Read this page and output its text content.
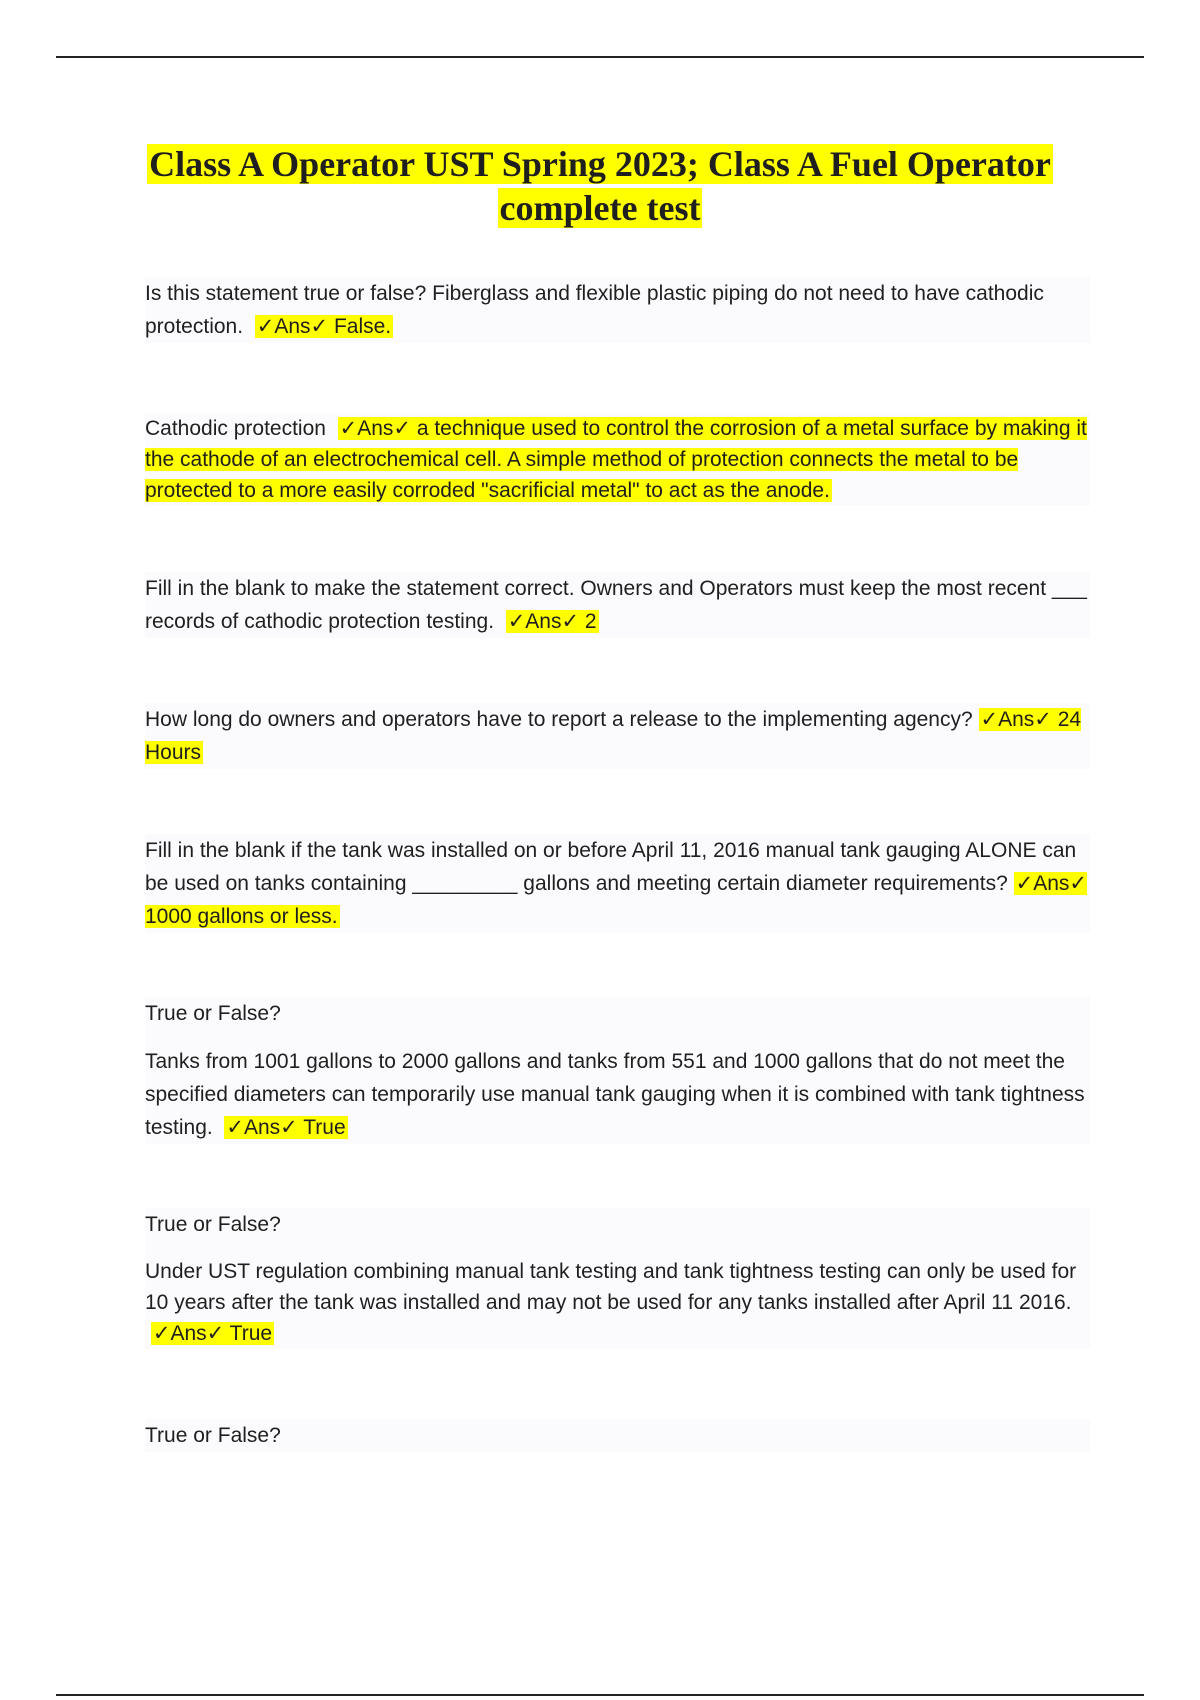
Class A Operator UST Spring 2023; Class A Fuel Operator
complete test

Is this statement true or false? Fiberglass and flexible plastic piping do not need to have cathodic protection. ✓Ans✓ False.

Cathodic protection ✓Ans✓ a technique used to control the corrosion of a metal surface by making it the cathode of an electrochemical cell. A simple method of protection connects the metal to be protected to a more easily corroded "sacrificial metal" to act as the anode.

Fill in the blank to make the statement correct. Owners and Operators must keep the most recent ___ records of cathodic protection testing. ✓Ans✓ 2

How long do owners and operators have to report a release to the implementing agency? ✓Ans✓ 24 Hours

Fill in the blank if the tank was installed on or before April 11, 2016 manual tank gauging ALONE can be used on tanks containing _________ gallons and meeting certain diameter requirements? ✓Ans✓ 1000 gallons or less.

True or False?

Tanks from 1001 gallons to 2000 gallons and tanks from 551 and 1000 gallons that do not meet the specified diameters can temporarily use manual tank gauging when it is combined with tank tightness testing. ✓Ans✓ True

True or False?

Under UST regulation combining manual tank testing and tank tightness testing can only be used for 10 years after the tank was installed and may not be used for any tanks installed after April 11 2016.  ✓Ans✓ True

True or False?
